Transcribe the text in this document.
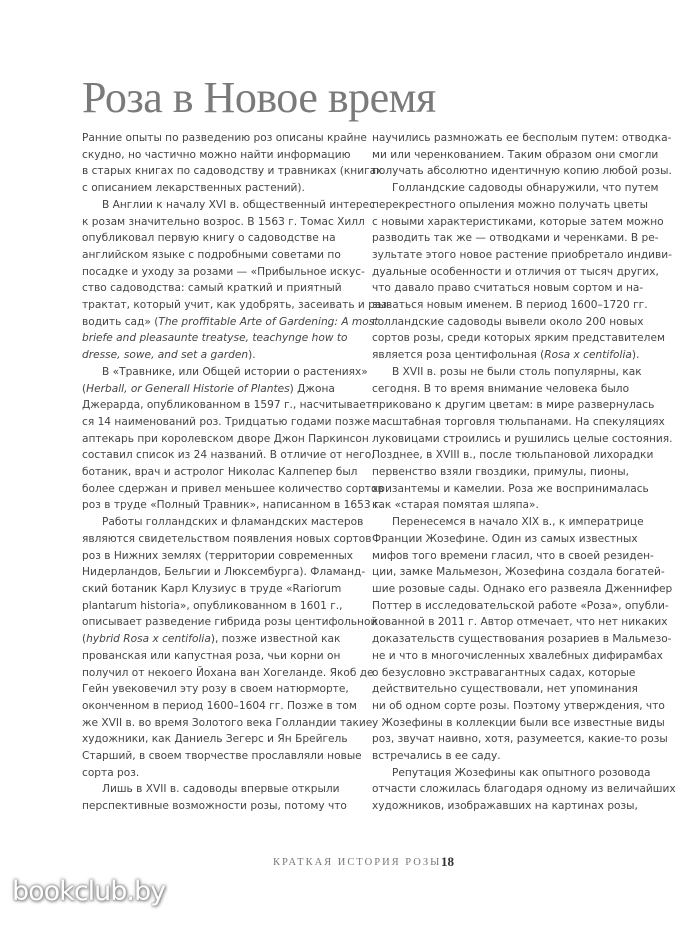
Роза в Новое время
Ранние опыты по разведению роз описаны крайне
скудно, но частично можно найти информацию
в старых книгах по садоводству и травниках (книгах
с описанием лекарственных растений).
В Англии к началу XVI в. общественный интерес
к розам значительно возрос. В 1563 г. Томас Хилл
опубликовал первую книгу о садоводстве на
английском языке с подробными советами по
посадке и уходу за розами — «Прибыльное искус-
ство садоводства: самый краткий и приятный
трактат, который учит, как удобрять, засеивать и раз-
водить сад» (The proffitable Arte of Gardening: A most
briefe and pleasaunte treatyse, teachynge how to
dresse, sowe, and set a garden).
В «Травнике, или Общей истории о растениях»
(Herball, or Generall Historie of Plantes) Джона
Джерарда, опубликованном в 1597 г., насчитывает-
ся 14 наименований роз. Тридцатью годами позже
аптекарь при королевском дворе Джон Паркинсон
составил список из 24 названий. В отличие от него,
ботаник, врач и астролог Николас Калпепер был
более сдержан и привел меньшее количество сортов
роз в труде «Полный Травник», написанном в 1653 г.
Работы голландских и фламандских мастеров
являются свидетельством появления новых сортов
роз в Нижних землях (территории современных
Нидерландов, Бельгии и Люксембурга). Фламанд-
ский ботаник Карл Клузиус в труде «Rariorum
plantarum historia», опубликованном в 1601 г.,
описывает разведение гибрида розы центифольной
(hybrid Rosa x centifolia), позже известной как
прованская или капустная роза, чьи корни он
получил от некоего Йохана ван Хогеланде. Якоб де
Гейн увековечил эту розу в своем натюрморте,
оконченном в период 1600–1604 гг. Позже в том
же XVII в. во время Золотого века Голландии такие
художники, как Даниель Зегерс и Ян Брейгель
Старший, в своем творчестве прославляли новые
сорта роз.
Лишь в XVII в. садоводы впервые открыли
перспективные возможности розы, потому что
научились размножать ее бесполым путем: отводка-
ми или черенкованием. Таким образом они смогли
получать абсолютно идентичную копию любой розы.
Голландские садоводы обнаружили, что путем
перекрестного опыления можно получать цветы
с новыми характеристиками, которые затем можно
разводить так же — отводками и черенками. В ре-
зультате этого новое растение приобретало индиви-
дуальные особенности и отличия от тысяч других,
что давало право считаться новым сортом и на-
зываться новым именем. В период 1600–1720 гг.
голландские садоводы вывели около 200 новых
сортов розы, среди которых ярким представителем
является роза центифольная (Rosa x centifolia).
В XVII в. розы не были столь популярны, как
сегодня. В то время внимание человека было
приковано к другим цветам: в мире развернулась
масштабная торговля тюльпанами. На спекуляциях
луковицами строились и рушились целые состояния.
Позднее, в XVIII в., после тюльпановой лихорадки
первенство взяли гвоздики, примулы, пионы,
хризантемы и камелии. Роза же воспринималась
как «старая помятая шляпа».
Перенесемся в начало XIX в., к императрице
Франции Жозефине. Один из самых известных
мифов того времени гласил, что в своей резиден-
ции, замке Мальмезон, Жозефина создала богатей-
шие розовые сады. Однако его развеяла Дженнифер
Поттер в исследовательской работе «Роза», опубли-
кованной в 2011 г. Автор отмечает, что нет никаких
доказательств существования розариев в Мальмезо-
не и что в многочисленных хвалебных дифирамбах
о безусловно экстравагантных садах, которые
действительно существовали, нет упоминания
ни об одном сорте розы. Поэтому утверждения, что
у Жозефины в коллекции были все известные виды
роз, звучат наивно, хотя, разумеется, какие-то розы
встречались в ее саду.
Репутация Жозефины как опытного розовода
отчасти сложилась благодаря одному из величайших
художников, изображавших на картинах розы,
КРАТКАЯ ИСТОРИЯ РОЗЫ 18
bookclub.by
